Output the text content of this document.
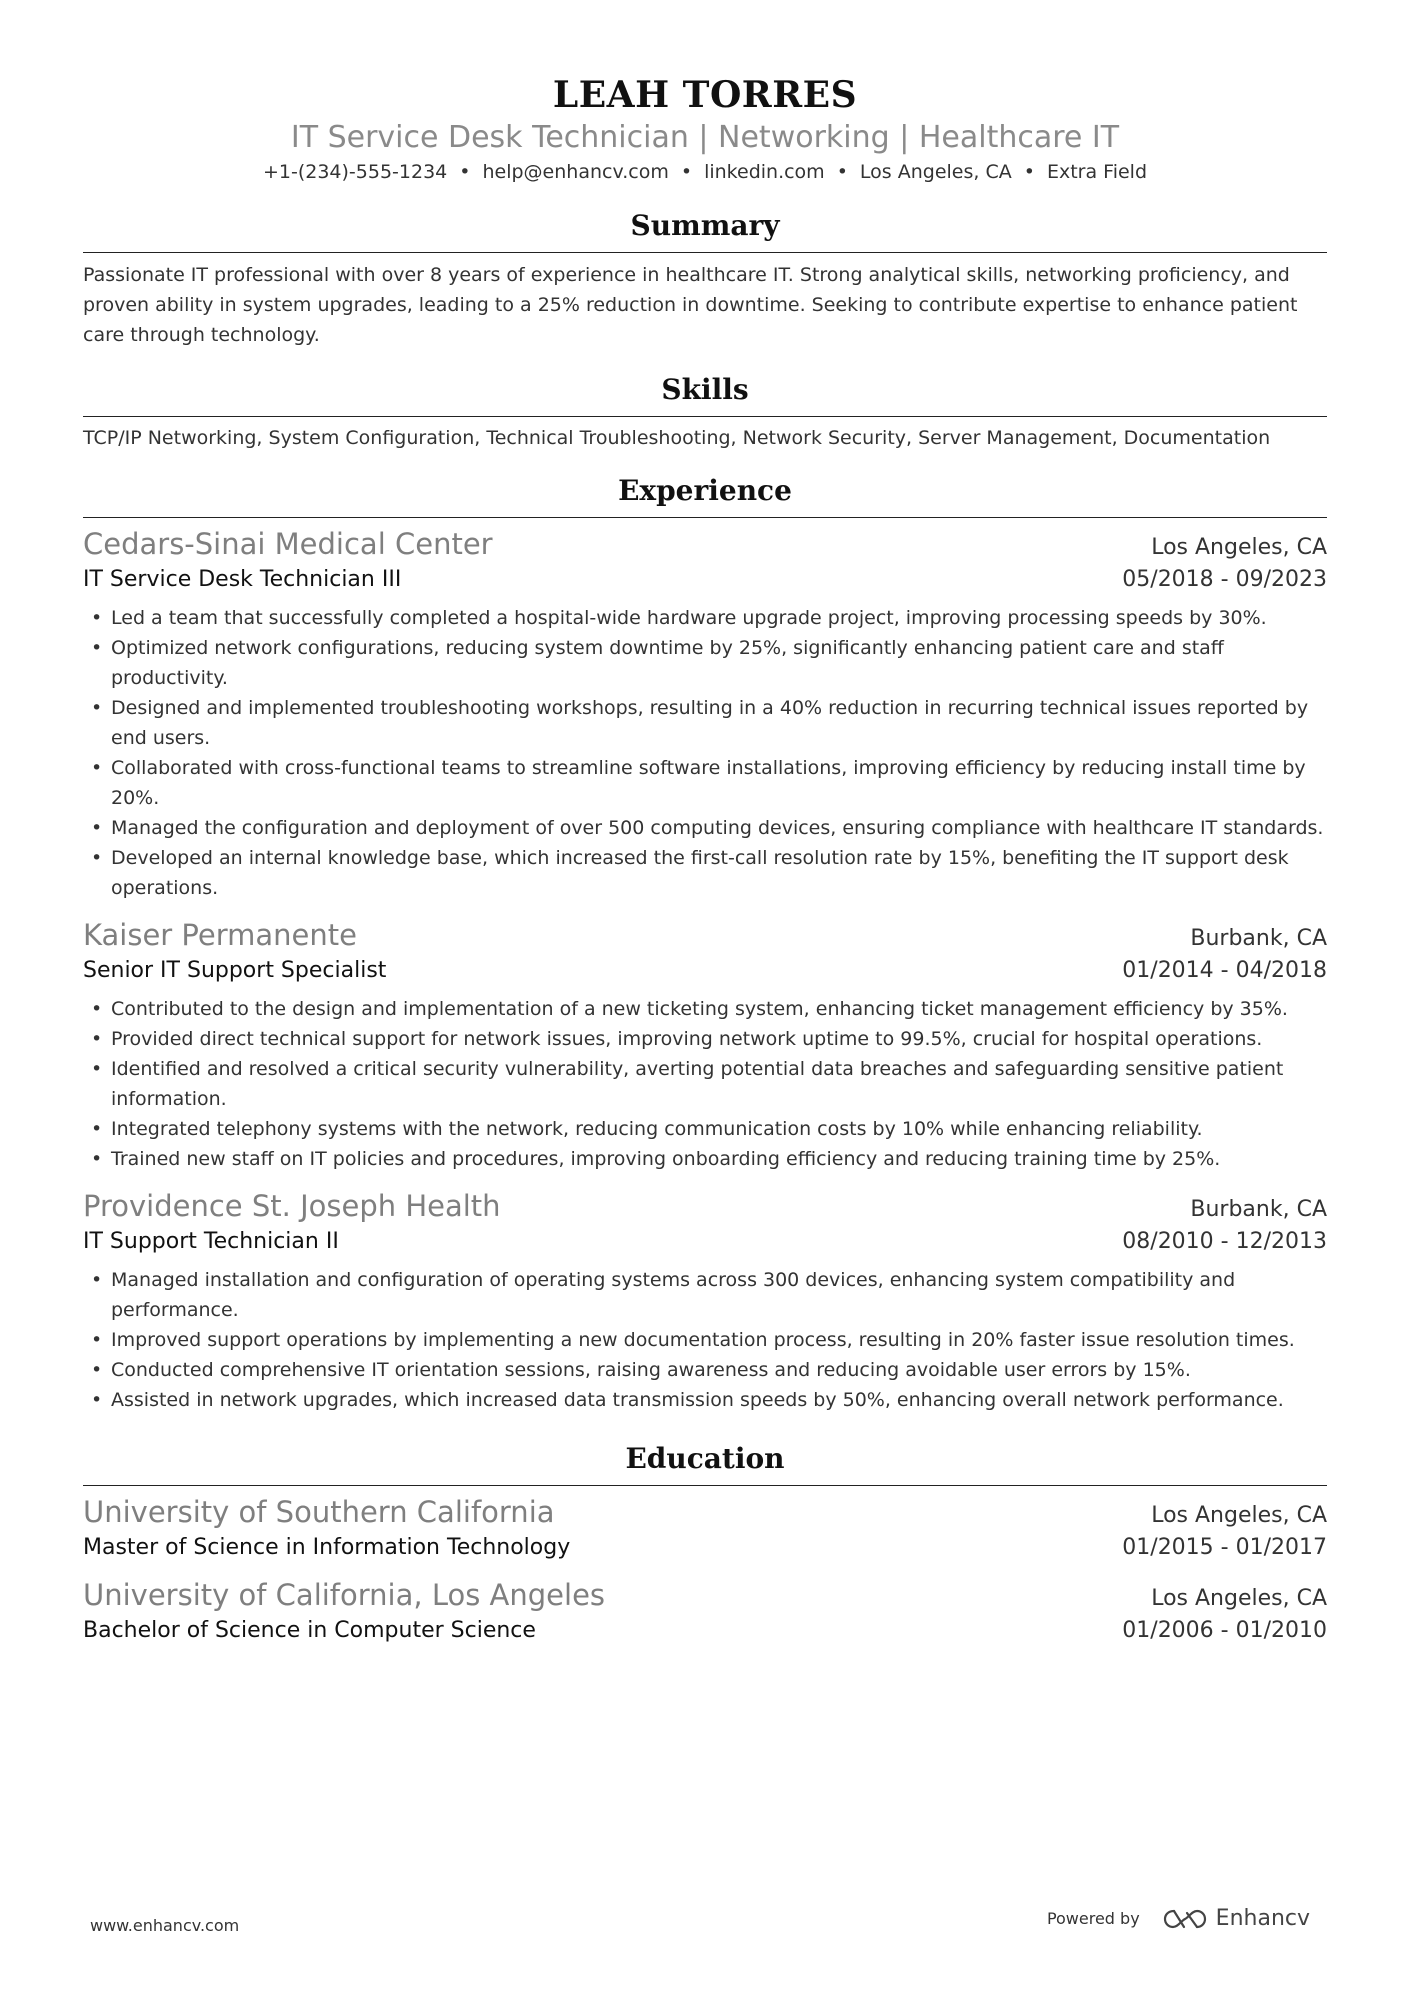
LEAH TORRES
IT Service Desk Technician | Networking | Healthcare IT
+1-(234)-555-1234 • help@enhancv.com • linkedin.com • Los Angeles, CA • Extra Field
Summary
Passionate IT professional with over 8 years of experience in healthcare IT. Strong analytical skills, networking proficiency, and proven ability in system upgrades, leading to a 25% reduction in downtime. Seeking to contribute expertise to enhance patient care through technology.
Skills
TCP/IP Networking, System Configuration, Technical Troubleshooting, Network Security, Server Management, Documentation
Experience
Cedars-Sinai Medical Center	Los Angeles, CA
IT Service Desk Technician III	05/2018 - 09/2023
• Led a team that successfully completed a hospital-wide hardware upgrade project, improving processing speeds by 30%.
• Optimized network configurations, reducing system downtime by 25%, significantly enhancing patient care and staff productivity.
• Designed and implemented troubleshooting workshops, resulting in a 40% reduction in recurring technical issues reported by end users.
• Collaborated with cross-functional teams to streamline software installations, improving efficiency by reducing install time by 20%.
• Managed the configuration and deployment of over 500 computing devices, ensuring compliance with healthcare IT standards.
• Developed an internal knowledge base, which increased the first-call resolution rate by 15%, benefiting the IT support desk operations.
Kaiser Permanente	Burbank, CA
Senior IT Support Specialist	01/2014 - 04/2018
• Contributed to the design and implementation of a new ticketing system, enhancing ticket management efficiency by 35%.
• Provided direct technical support for network issues, improving network uptime to 99.5%, crucial for hospital operations.
• Identified and resolved a critical security vulnerability, averting potential data breaches and safeguarding sensitive patient information.
• Integrated telephony systems with the network, reducing communication costs by 10% while enhancing reliability.
• Trained new staff on IT policies and procedures, improving onboarding efficiency and reducing training time by 25%.
Providence St. Joseph Health	Burbank, CA
IT Support Technician II	08/2010 - 12/2013
• Managed installation and configuration of operating systems across 300 devices, enhancing system compatibility and performance.
• Improved support operations by implementing a new documentation process, resulting in 20% faster issue resolution times.
• Conducted comprehensive IT orientation sessions, raising awareness and reducing avoidable user errors by 15%.
• Assisted in network upgrades, which increased data transmission speeds by 50%, enhancing overall network performance.
Education
University of Southern California	Los Angeles, CA
Master of Science in Information Technology	01/2015 - 01/2017
University of California, Los Angeles	Los Angeles, CA
Bachelor of Science in Computer Science	01/2006 - 01/2010
www.enhancv.com	Powered by	Enhancv
